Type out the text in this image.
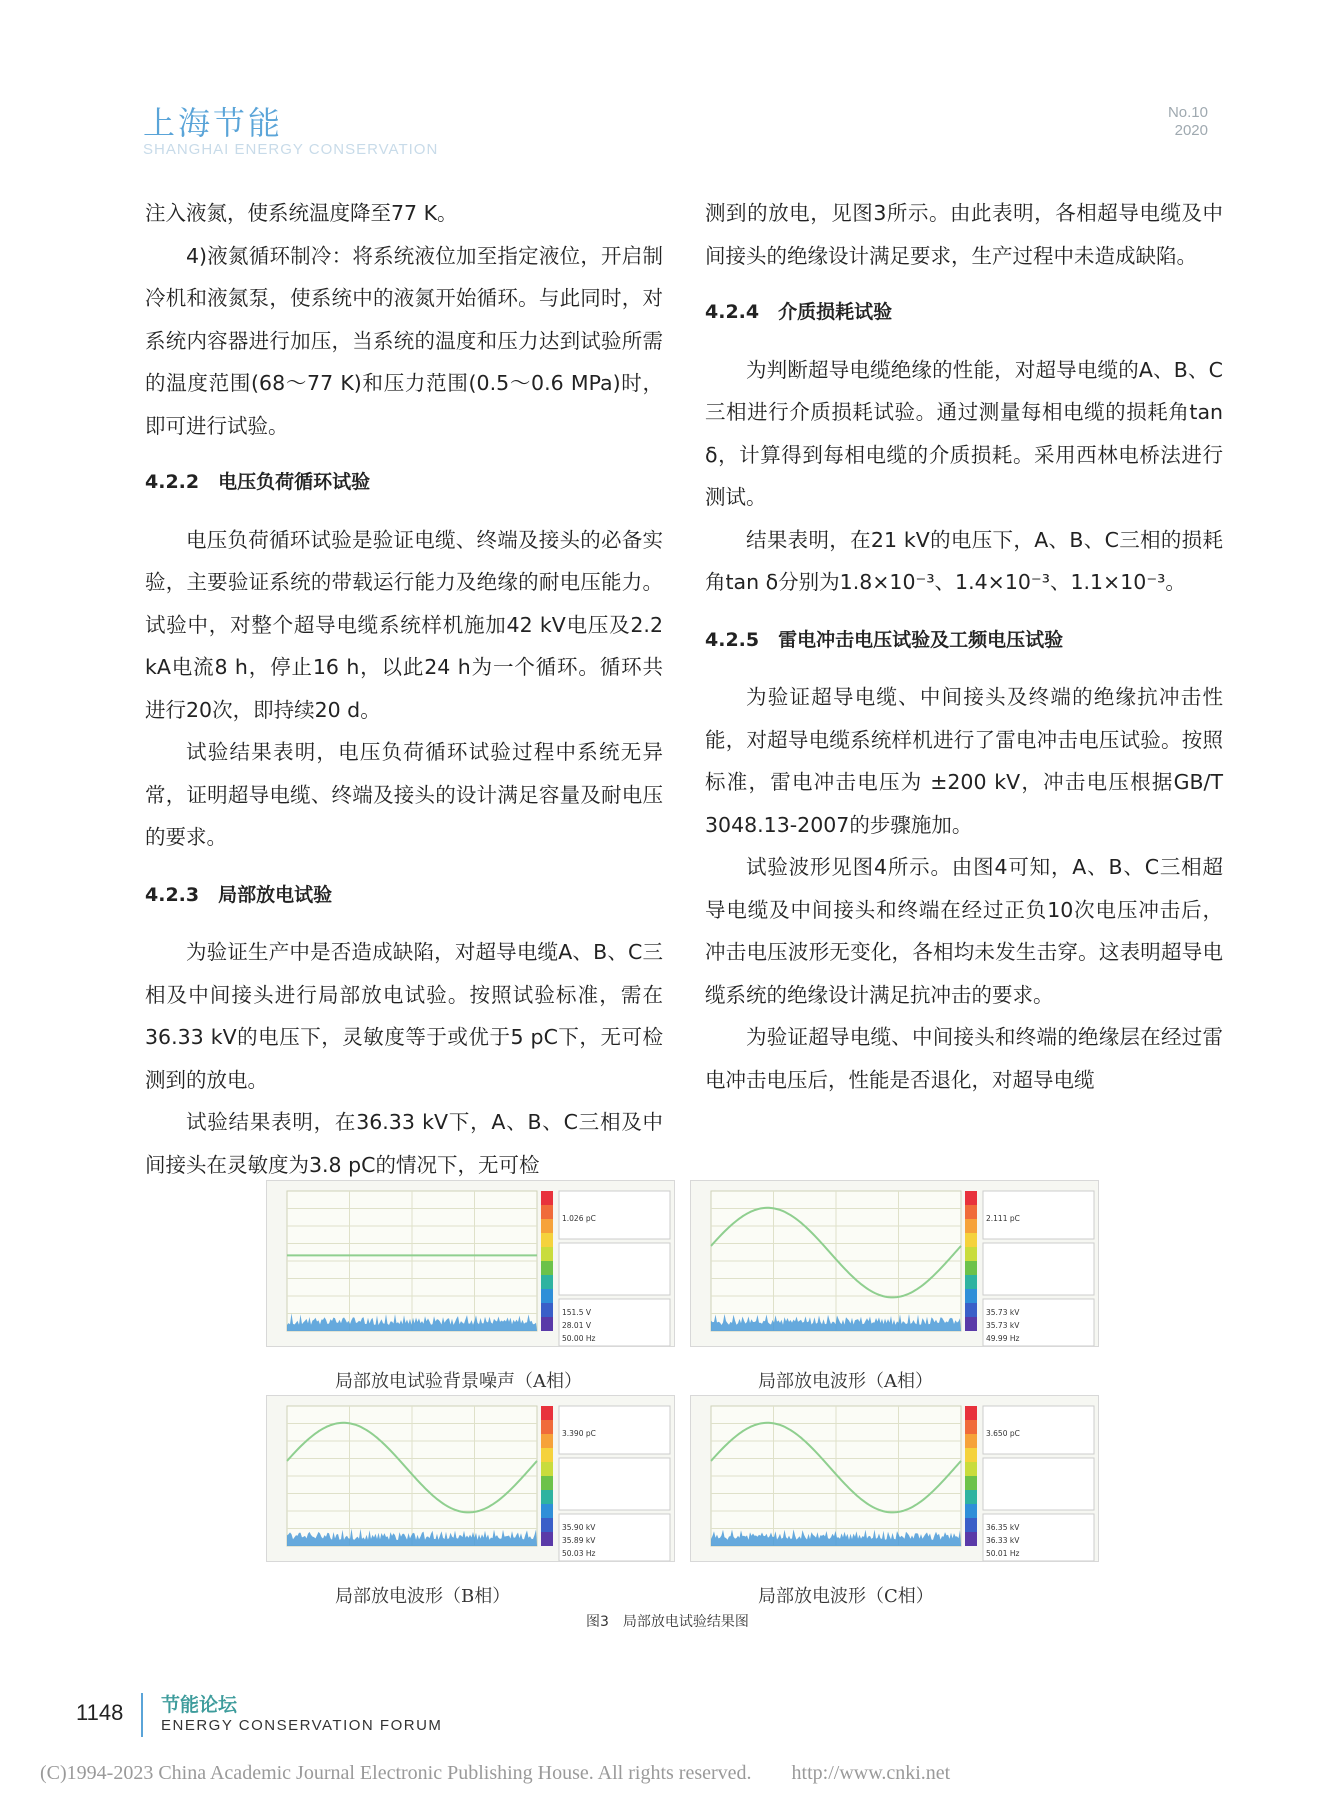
上海节能
SHANGHAI ENERGY CONSERVATION
No.10
2020

注入液氮，使系统温度降至77 K。

4)液氮循环制冷：将系统液位加至指定液位，开启制冷机和液氮泵，使系统中的液氮开始循环。与此同时，对系统内容器进行加压，当系统的温度和压力达到试验所需的温度范围(68～77 K)和压力范围(0.5～0.6 MPa)时，即可进行试验。

4.2.2　电压负荷循环试验

电压负荷循环试验是验证电缆、终端及接头的必备实验，主要验证系统的带载运行能力及绝缘的耐电压能力。试验中，对整个超导电缆系统样机施加42 kV电压及2.2 kA电流8 h，停止16 h，以此24 h为一个循环。循环共进行20次，即持续20 d。

试验结果表明，电压负荷循环试验过程中系统无异常，证明超导电缆、终端及接头的设计满足容量及耐电压的要求。

4.2.3　局部放电试验

为验证生产中是否造成缺陷，对超导电缆A、B、C三相及中间接头进行局部放电试验。按照试验标准，需在36.33 kV的电压下，灵敏度等于或优于5 pC下，无可检测到的放电。

试验结果表明，在36.33 kV下，A、B、C三相及中间接头在灵敏度为3.8 pC的情况下，无可检

测到的放电，见图3所示。由此表明，各相超导电缆及中间接头的绝缘设计满足要求，生产过程中未造成缺陷。

4.2.4　介质损耗试验

为判断超导电缆绝缘的性能，对超导电缆的A、B、C三相进行介质损耗试验。通过测量每相电缆的损耗角tan δ，计算得到每相电缆的介质损耗。采用西林电桥法进行测试。

结果表明，在21 kV的电压下，A、B、C三相的损耗角tan δ分别为1.8×10⁻³、1.4×10⁻³、1.1×10⁻³。

4.2.5　雷电冲击电压试验及工频电压试验

为验证超导电缆、中间接头及终端的绝缘抗冲击性能，对超导电缆系统样机进行了雷电冲击电压试验。按照标准，雷电冲击电压为 ±200 kV，冲击电压根据GB/T 3048.13-2007的步骤施加。

试验波形见图4所示。由图4可知，A、B、C三相超导电缆及中间接头和终端在经过正负10次电压冲击后，冲击电压波形无变化，各相均未发生击穿。这表明超导电缆系统的绝缘设计满足抗冲击的要求。

为验证超导电缆、中间接头和终端的绝缘层在经过雷电冲击电压后，性能是否退化，对超导电缆

1.026 pC
151.5 V
28.01 V
50.00 Hz
2.111 pC
35.73 kV
35.73 kV
49.99 Hz
3.390 pC
35.90 kV
35.89 kV
50.03 Hz
3.650 pC
36.35 kV
36.33 kV
50.01 Hz
局部放电试验背景噪声（A相）	局部放电波形（A相）
局部放电波形（B相）	局部放电波形（C相）
图3　局部放电试验结果图
1148 节能论坛
ENERGY CONSERVATION FORUM
(C)1994-2023 China Academic Journal Electronic Publishing House. All rights reserved.　　http://www.cnki.net
